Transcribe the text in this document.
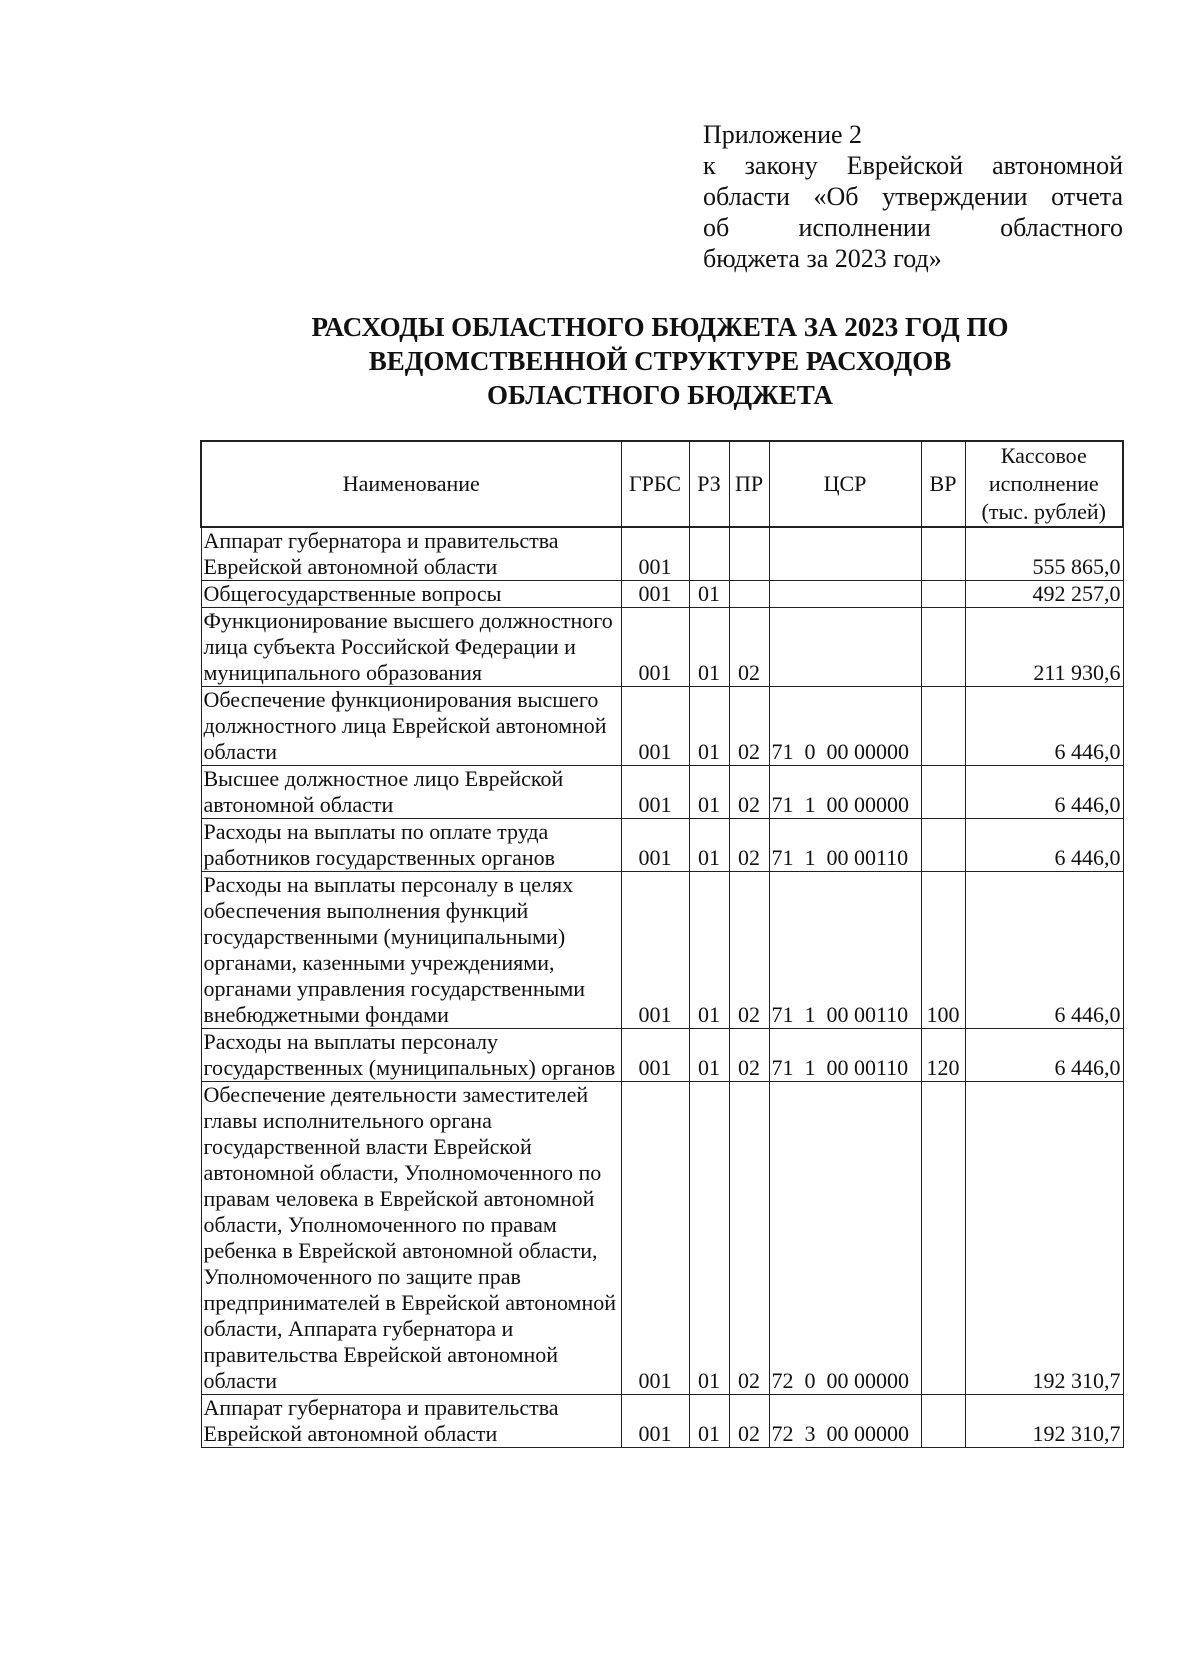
Приложение 2
к закону Еврейской автономной
области «Об утверждении отчета
об исполнении областного
бюджета за 2023 год»
РАСХОДЫ ОБЛАСТНОГО БЮДЖЕТА ЗА 2023 ГОД ПО
ВЕДОМСТВЕННОЙ СТРУКТУРЕ РАСХОДОВ
ОБЛАСТНОГО БЮДЖЕТА
Наименование	ГРБС	РЗ	ПР	ЦСР	ВР	Кассовое исполнение (тыс. рублей)
Аппарат губернатора и правительства Еврейской автономной области	001					555 865,0
Общегосударственные вопросы	001	01				492 257,0
Функционирование высшего должностного лица субъекта Российской Федерации и муниципального образования	001	01	02			211 930,6
Обеспечение функционирования высшего должностного лица Еврейской автономной области	001	01	02	71  0  00 00000		6 446,0
Высшее должностное лицо Еврейской автономной области	001	01	02	71  1  00 00000		6 446,0
Расходы на выплаты по оплате труда работников государственных органов	001	01	02	71  1  00 00110		6 446,0
Расходы на выплаты персоналу в целях обеспечения выполнения функций государственными (муниципальными) органами, казенными учреждениями, органами управления государственными внебюджетными фондами	001	01	02	71  1  00 00110	100	6 446,0
Расходы на выплаты персоналу государственных (муниципальных) органов	001	01	02	71  1  00 00110	120	6 446,0
Обеспечение деятельности заместителей главы исполнительного органа государственной власти Еврейской автономной области, Уполномоченного по правам человека в Еврейской автономной области, Уполномоченного по правам ребенка в Еврейской автономной области, Уполномоченного по защите прав предпринимателей в Еврейской автономной области, Аппарата губернатора и правительства Еврейской автономной области	001	01	02	72  0  00 00000		192 310,7
Аппарат губернатора и правительства Еврейской автономной области	001	01	02	72  3  00 00000		192 310,7
